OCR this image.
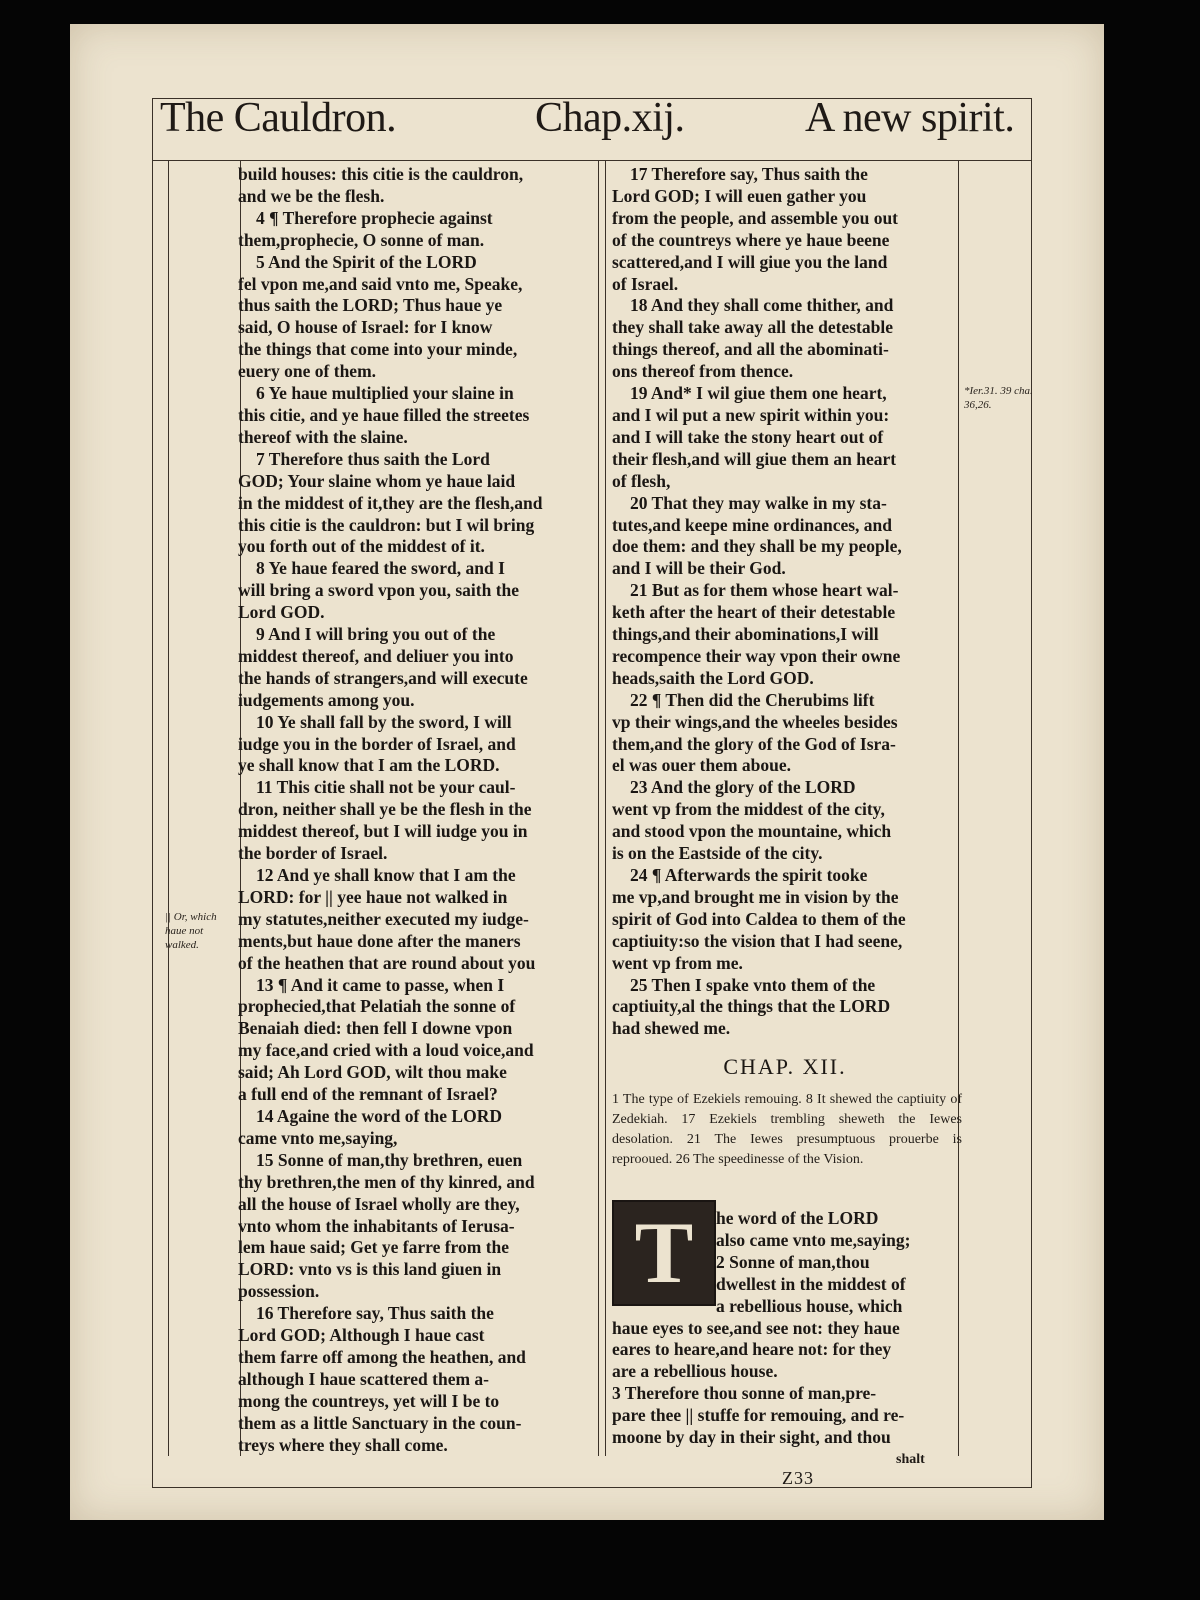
The Cauldron.	Chap.xij.	A new spirit.
|| Or, which haue not walked.
*Ier.31. 39 cha. 36,26.
build houses: this citie is the cauldron,
and we be the flesh.
4 ¶ Therefore prophecie against
them,prophecie, O sonne of man.
5 And the Spirit of the LORD
fel vpon me,and said vnto me, Speake,
thus saith the LORD; Thus haue ye
said, O house of Israel: for I know
the things that come into your minde,
euery one of them.
6 Ye haue multiplied your slaine in
this citie, and ye haue filled the streetes
thereof with the slaine.
7 Therefore thus saith the Lord
GOD; Your slaine whom ye haue laid
in the middest of it,they are the flesh,and
this citie is the cauldron: but I wil bring
you forth out of the middest of it.
8 Ye haue feared the sword, and I
will bring a sword vpon you, saith the
Lord GOD.
9 And I will bring you out of the
middest thereof, and deliuer you into
the hands of strangers,and will execute
iudgements among you.
10 Ye shall fall by the sword, I will
iudge you in the border of Israel, and
ye shall know that I am the LORD.
11 This citie shall not be your caul-
dron, neither shall ye be the flesh in the
middest thereof, but I will iudge you in
the border of Israel.
12 And ye shall know that I am the
LORD: for || yee haue not walked in
my statutes,neither executed my iudge-
ments,but haue done after the maners
of the heathen that are round about you
13 ¶ And it came to passe, when I
prophecied,that Pelatiah the sonne of
Benaiah died: then fell I downe vpon
my face,and cried with a loud voice,and
said; Ah Lord GOD, wilt thou make
a full end of the remnant of Israel?
14 Againe the word of the LORD
came vnto me,saying,
15 Sonne of man,thy brethren, euen
thy brethren,the men of thy kinred, and
all the house of Israel wholly are they,
vnto whom the inhabitants of Ierusa-
lem haue said; Get ye farre from the
LORD: vnto vs is this land giuen in
possession.
16 Therefore say, Thus saith the
Lord GOD; Although I haue cast
them farre off among the heathen, and
although I haue scattered them a-
mong the countreys, yet will I be to
them as a little Sanctuary in the coun-
treys where they shall come.
17 Therefore say, Thus saith the
Lord GOD; I will euen gather you
from the people, and assemble you out
of the countreys where ye haue beene
scattered,and I will giue you the land
of Israel.
18 And they shall come thither, and
they shall take away all the detestable
things thereof, and all the abominati-
ons thereof from thence.
19 And* I wil giue them one heart,
and I wil put a new spirit within you:
and I will take the stony heart out of
their flesh,and will giue them an heart
of flesh,
20 That they may walke in my sta-
tutes,and keepe mine ordinances, and
doe them: and they shall be my people,
and I will be their God.
21 But as for them whose heart wal-
keth after the heart of their detestable
things,and their abominations,I will
recompence their way vpon their owne
heads,saith the Lord GOD.
22 ¶ Then did the Cherubims lift
vp their wings,and the wheeles besides
them,and the glory of the God of Isra-
el was ouer them aboue.
23 And the glory of the LORD
went vp from the middest of the city,
and stood vpon the mountaine, which
is on the Eastside of the city.
24 ¶ Afterwards the spirit tooke
me vp,and brought me in vision by the
spirit of God into Caldea to them of the
captiuity:so the vision that I had seene,
went vp from me.
25 Then I spake vnto them of the
captiuity,al the things that the LORD
had shewed me.
CHAP. XII.
1 The type of Ezekiels remouing. 8 It shewed the captiuity of Zedekiah. 17 Ezekiels trembling sheweth the Iewes desolation. 21 The Iewes presumptuous prouerbe is reprooued. 26 The speedinesse of the Vision.
T	he word of the LORD
also came vnto me,saying;
2 Sonne of man,thou
dwellest in the middest of
a rebellious house, which
haue eyes to see,and see not: they haue
eares to heare,and heare not: for they
are a rebellious house.
3 Therefore thou sonne of man,pre-
pare thee || stuffe for remouing, and re-
moone by day in their sight, and thou
Z33
shalt
